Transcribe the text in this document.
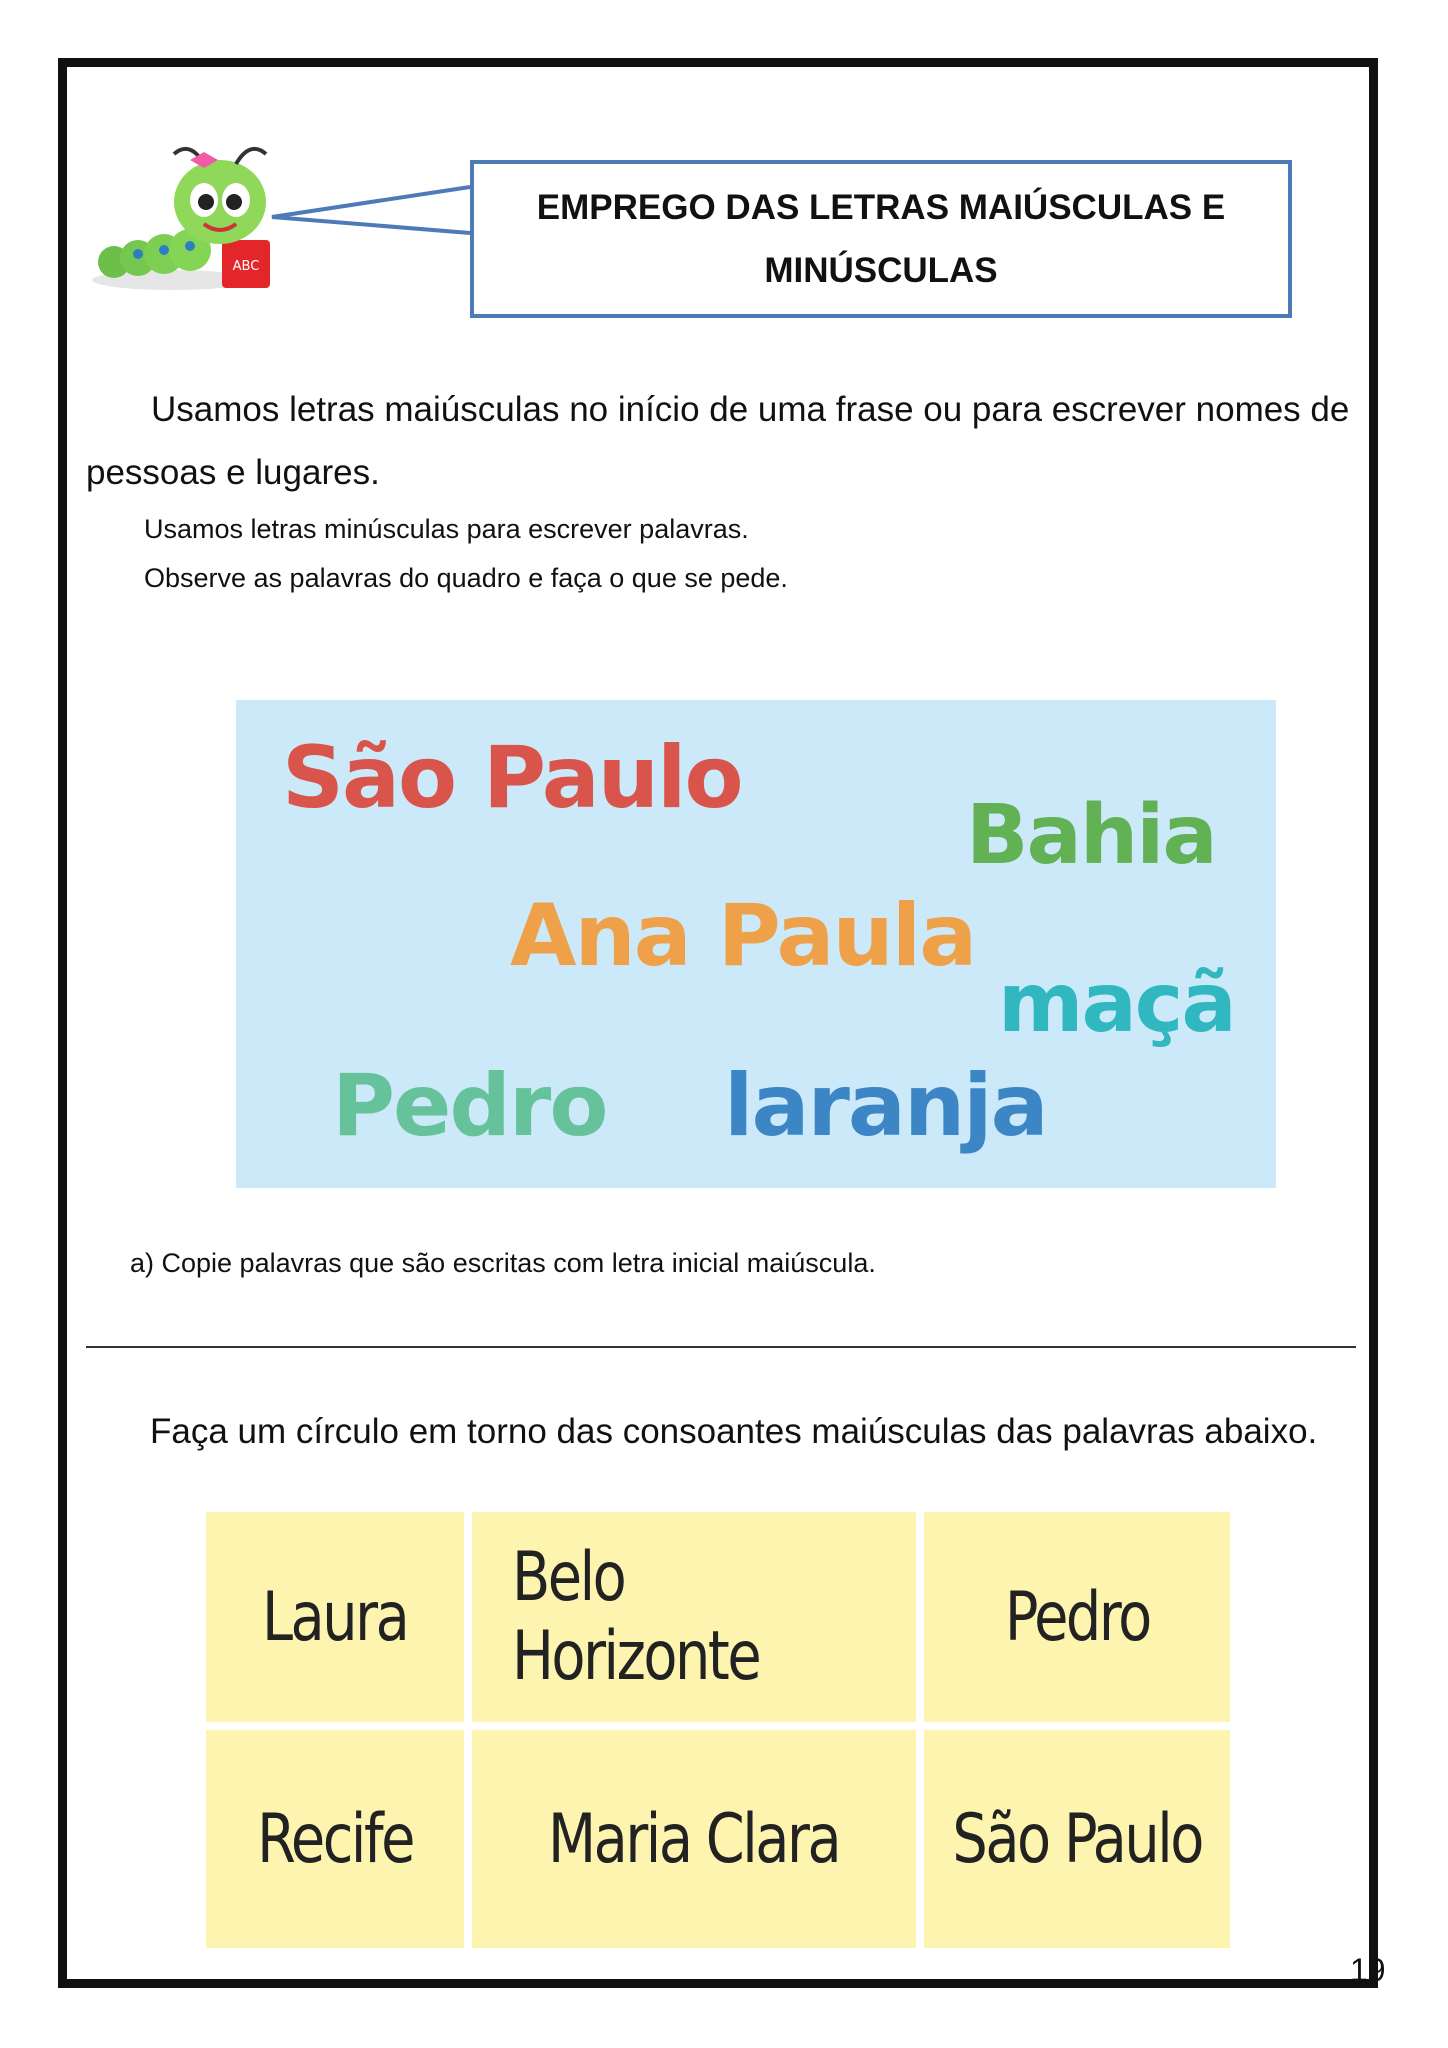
ABC
EMPREGO DAS LETRAS MAIÚSCULAS E
MINÚSCULAS
Usamos letras maiúsculas no início de uma frase ou para escrever nomes de pessoas e lugares.
Usamos letras minúsculas para escrever palavras.
Observe as palavras do quadro e faça o que se pede.
São Paulo
Bahia
Ana Paula
maçã
Pedro laranja
a) Copie palavras que são escritas com letra inicial maiúscula.
Faça um círculo em torno das consoantes maiúsculas das palavras abaixo.
Laura Belo Horizonte	Pedro
Recife Maria Clara São Paulo
19
